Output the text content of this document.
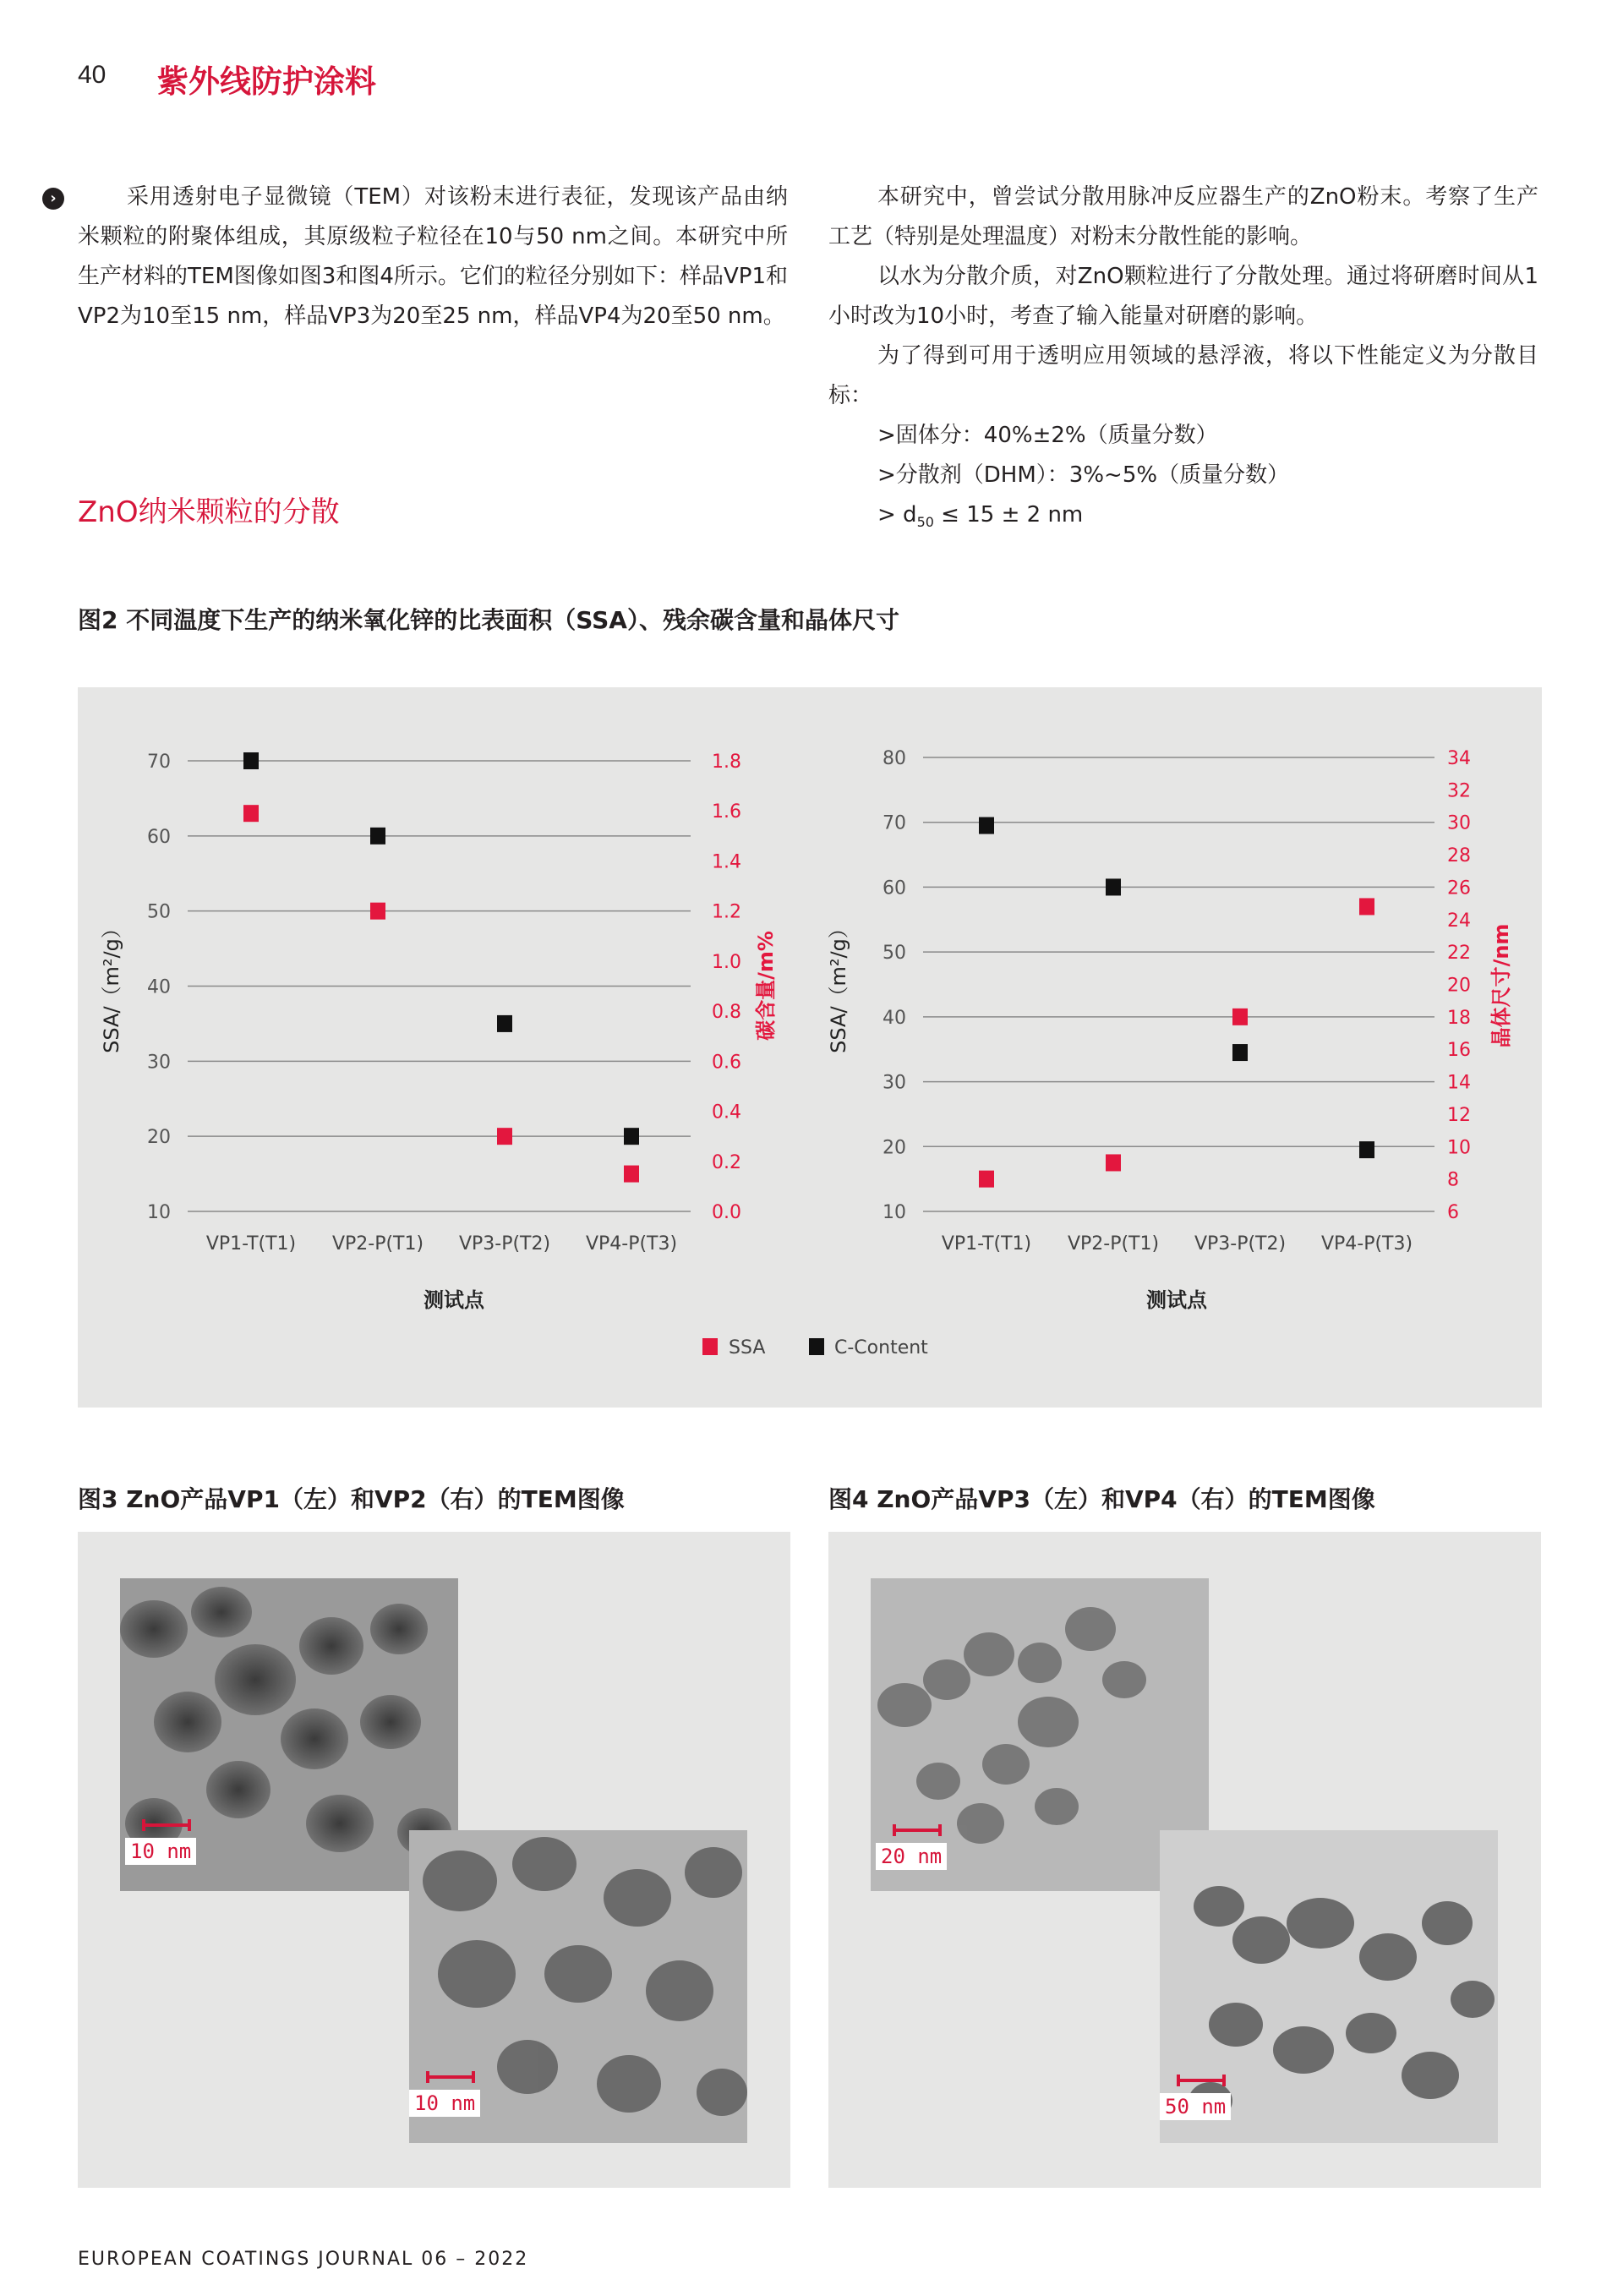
40 紫外线防护涂料
›	采用透射电子显微镜（TEM）对该粉末进行表征，发现该产品由纳米颗粒的附聚体组成，其原级粒子粒径在10与50 nm之间。本研究中所生产材料的TEM图像如图3和图4所示。它们的粒径分别如下：样品VP1和VP2为10至15 nm，样品VP3为20至25 nm，样品VP4为20至50 nm。

ZnO纳米颗粒的分散

本研究中，曾尝试分散用脉冲反应器生产的ZnO粉末。考察了生产工艺（特别是处理温度）对粉末分散性能的影响。

以水为分散介质，对ZnO颗粒进行了分散处理。通过将研磨时间从1小时改为10小时，考查了输入能量对研磨的影响。

为了得到可用于透明应用领域的悬浮液，将以下性能定义为分散目标：

>固体分：40%±2%（质量分数）

>分散剂（DHM）：3%~5%（质量分数）

> $d_{50} \le 15 \pm 2$ nm

图2 不同温度下生产的纳米氧化锌的比表面积（SSA）、残余碳含量和晶体尺寸
10
20
30
40
50
60
70
0.0
0.2
0.4
0.6
0.8
1.0
1.2
1.4
1.6
1.8
VP1-T(T1) VP2-P(T1) VP3-P(T2) VP4-P(T3)
测试点
SSA/（m²/g）	碳含量/m%
10
20
30
40
50
60
70
80
6
8
10
12
14
16
18
20
22
24
26
28
30
32
34
VP1-T(T1) VP2-P(T1) VP3-P(T2) VP4-P(T3)
测试点
SSA/（m²/g）	晶体尺寸/nm
SSA	C-Content
图3 ZnO产品VP1（左）和VP2（右）的TEM图像
10 nm
10 nm
图4 ZnO产品VP3（左）和VP4（右）的TEM图像
20 nm
50 nm
EUROPEAN COATINGS JOURNAL 06 – 2022
